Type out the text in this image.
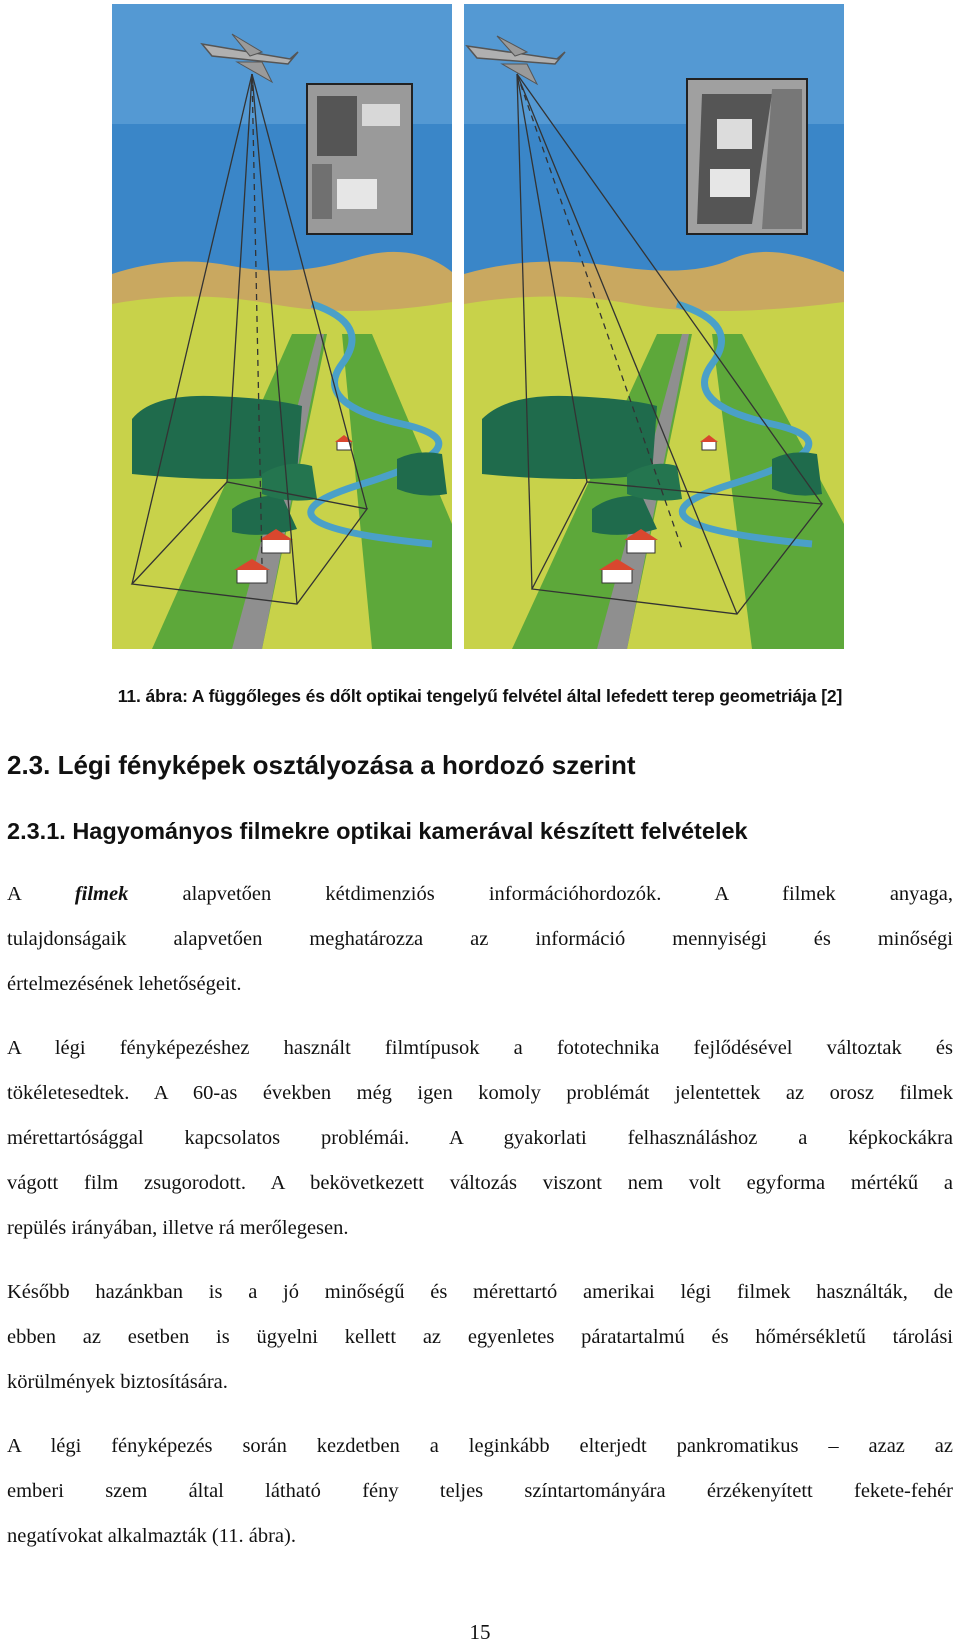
11. ábra: A függőleges és dőlt optikai tengelyű felvétel által lefedett terep geometriája [2]
2.3. Légi fényképek osztályozása a hordozó szerint
2.3.1. Hagyományos filmekre optikai kamerával készített felvételek
A filmek alapvetően kétdimenziós információhordozók. A filmek anyaga,
tulajdonságaik alapvetően meghatározza az információ mennyiségi és minőségi
értelmezésének lehetőségeit.
A légi fényképezéshez használt filmtípusok a fototechnika fejlődésével változtak és
tökéletesedtek. A 60-as években még igen komoly problémát jelentettek az orosz filmek
mérettartósággal kapcsolatos problémái. A gyakorlati felhasználáshoz a képkockákra
vágott film zsugorodott. A bekövetkezett változás viszont nem volt egyforma mértékű a
repülés irányában, illetve rá merőlegesen.
Később hazánkban is a jó minőségű és mérettartó amerikai légi filmek használták, de
ebben az esetben is ügyelni kellett az egyenletes páratartalmú és hőmérsékletű tárolási
körülmények biztosítására.
A légi fényképezés során kezdetben a leginkább elterjedt pankromatikus – azaz az
emberi szem által látható fény teljes színtartományára érzékenyített fekete-fehér
negatívokat alkalmazták (11. ábra).
15
